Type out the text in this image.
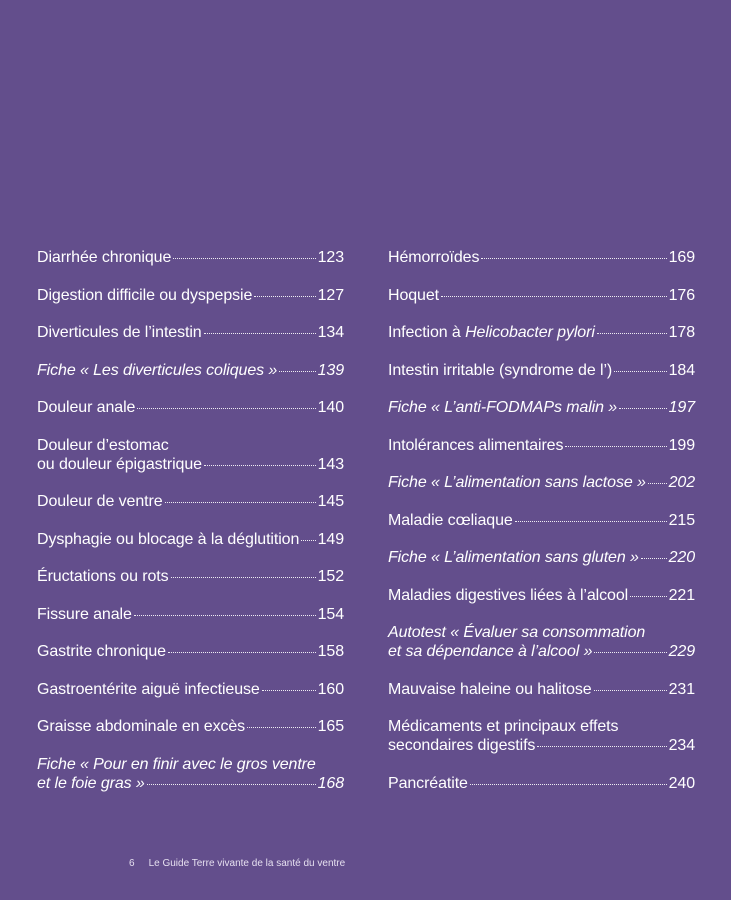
Diarrhée chronique	123
Digestion difficile ou dyspepsie	127
Diverticules de l’intestin	134
Fiche « Les diverticules coliques »	139
Douleur anale	140
Douleur d’estomac
ou douleur épigastrique	143
Douleur de ventre	145
Dysphagie ou blocage à la déglutition 149
Éructations ou rots	152
Fissure anale	154
Gastrite chronique	158
Gastroentérite aiguë infectieuse	160
Graisse abdominale en excès	165
Fiche « Pour en finir avec le gros ventre
et le foie gras »	168
Hémorroïdes	169
Hoquet	176
Infection à Helicobacter pylori	178
Intestin irritable (syndrome de l’)	184
Fiche « L’anti-FODMAPs malin »	197
Intolérances alimentaires	199
Fiche « L’alimentation sans lactose » 202
Maladie cœliaque	215
Fiche « L’alimentation sans gluten » 220
Maladies digestives liées à l’alcool	221
Autotest « Évaluer sa consommation
et sa dépendance à l’alcool »	229
Mauvaise haleine ou halitose	231
Médicaments et principaux effets
secondaires digestifs	234
Pancréatite	240
6 Le Guide Terre vivante de la santé du ventre
